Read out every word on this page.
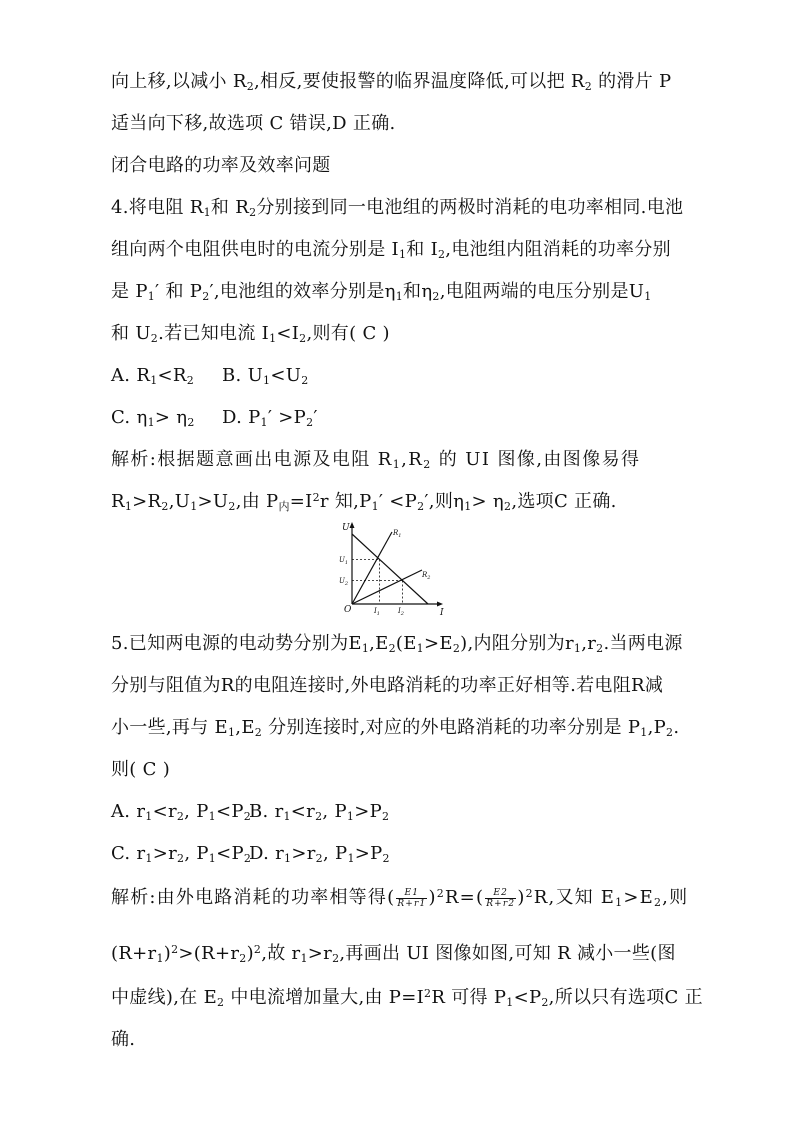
向上移,以减小 $R_2$,相反,要使报警的临界温度降低,可以把 $R_2$ 的滑片 P
适当向下移,故选项 C 错误,D 正确.
闭合电路的功率及效率问题
4.将电阻 $R_1$和 $R_2$分别接到同一电池组的两极时消耗的电功率相同.电池
组向两个电阻供电时的电流分别是 $I_1$和 $I_2$,电池组内阻消耗的功率分别
是 $P_1'$ 和 $P_2'$,电池组的效率分别是$\eta_1$和$\eta_2$,电阻两端的电压分别是$U_1$
和 $U_2$.若已知电流 $I_1<I_2$,则有( C )
A. $R_1<R_2$ B. $U_1<U_2$
C. $\eta_1> \eta_2$ D. $P_1' >P_2'$
解析:根据题意画出电源及电阻 $R_1,R_2$ 的 UI 图像,由图像易得
$R_1>R_2,U_1>U_2$,由 $P_内=I^2r$ 知$,P_1' <P_2'$,则$\eta_1> \eta_2$,选项C 正确.
U
I
O
$R_1$
$R_2$
$U_1$
$U_2$
$I_1$	$I_2$
5.已知两电源的电动势分别为$E_1,E_2(E_1>E_2)$,内阻分别为$r_1,r_2$.当两电源
分别与阻值为R的电阻连接时,外电路消耗的功率正好相等.若电阻R减
小一些,再与 $E_1,E_2$ 分别连接时,对应的外电路消耗的功率分别是 $P_1,P_2$.
则( C )
A. $r_1<r_2$, $P_1<P_2$
B. $r_1<r_2$, $P_1>P_2$
C. $r_1>r_2$, $P_1<P_2$
D. $r_1>r_2$, $P_1>P_2$
解析:由外电路消耗的功率相等得( $\frac{E1}{R+r1} )^2R=( \frac{E2}{R+r2} )^2R$,又知 $E_1>E_2$,则
$(R+r_1)^2>(R+r_2)^2$,故 $r_1>r_2$,再画出 UI 图像如图,可知 R 减小一些(图
中虚线),在 $E_2$ 中电流增加量大,由 $P=I^2R$ 可得 $P_1<P_2$,所以只有选项C 正
确.
